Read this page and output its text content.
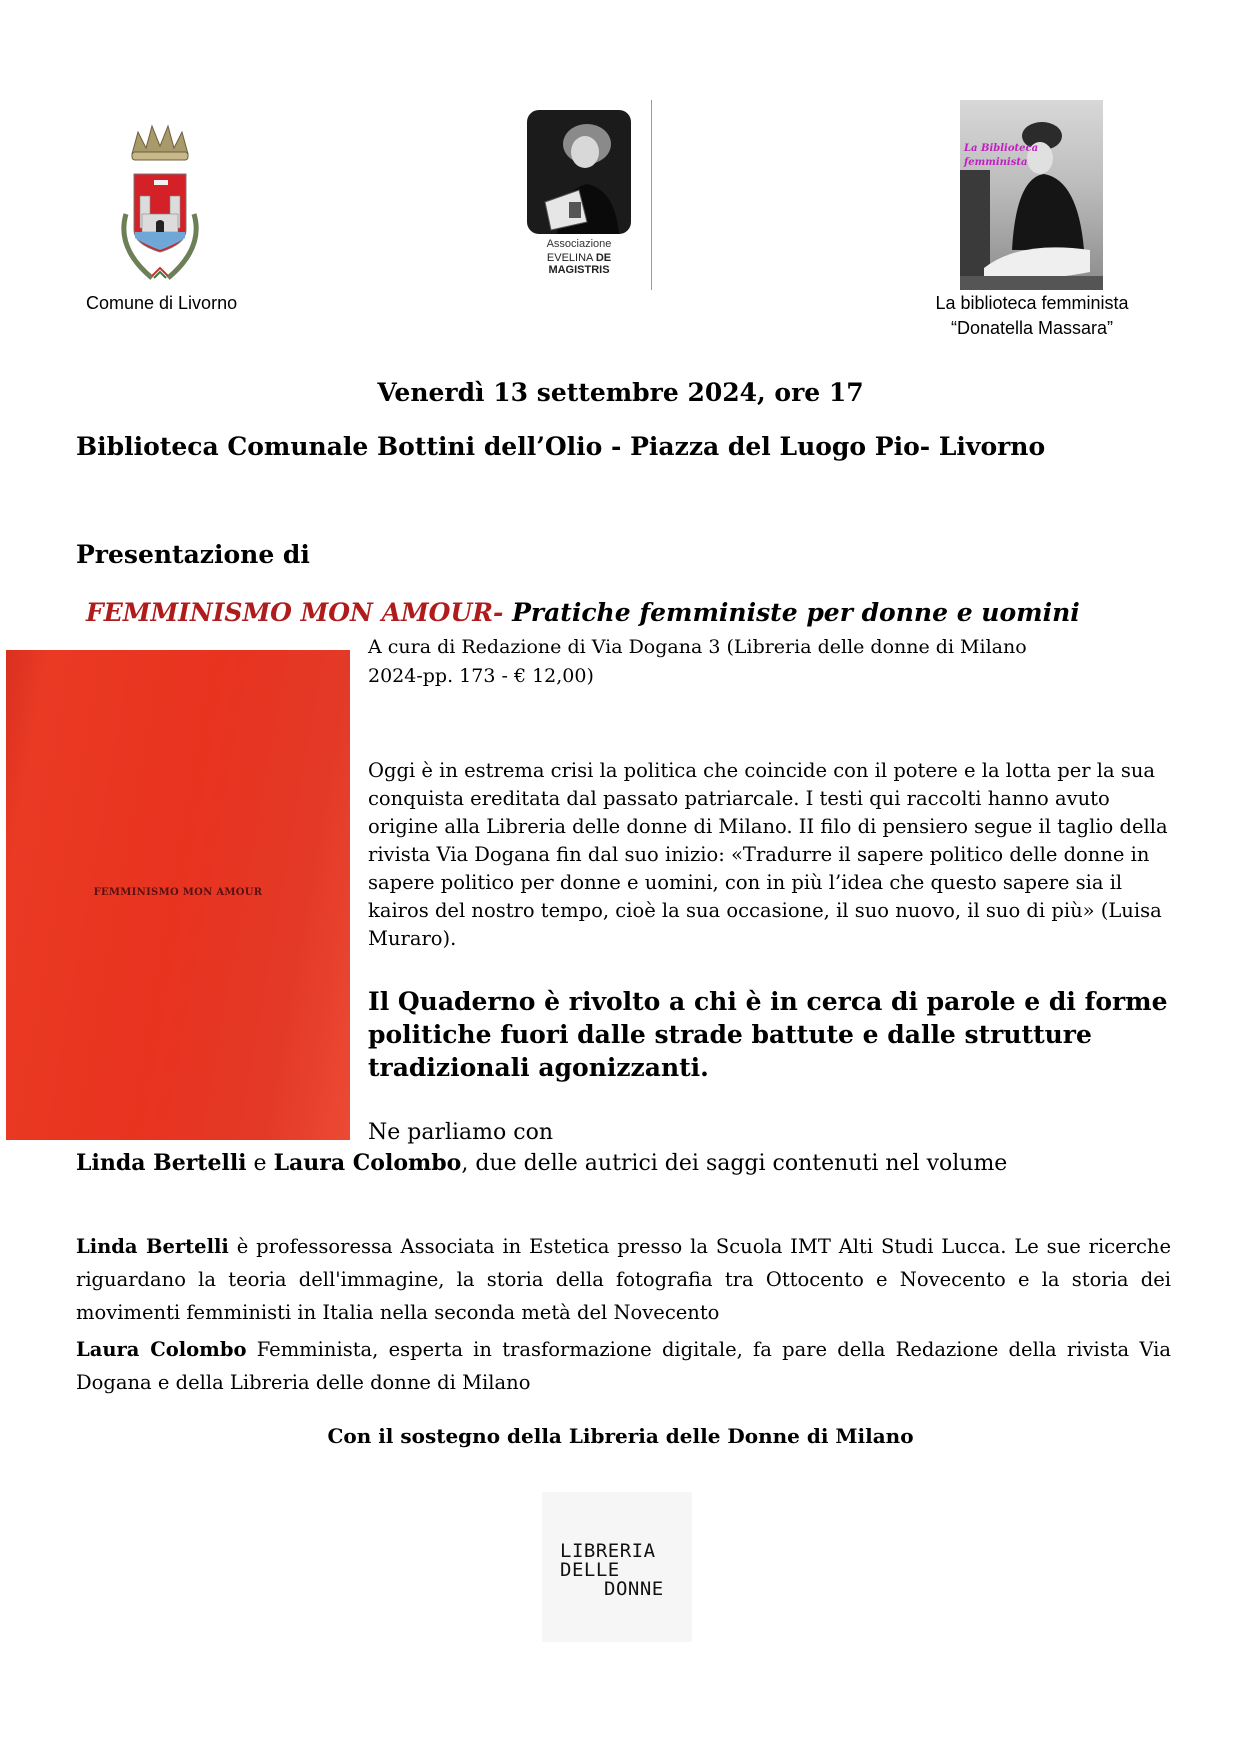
Comune di Livorno
Associazione
EVELINA DE MAGISTRIS
La Biblioteca
femminista
La biblioteca femminista
“Donatella Massara”
Venerdì 13 settembre 2024, ore 17
Biblioteca Comunale Bottini dell’Olio - Piazza del Luogo Pio- Livorno
Presentazione di
FEMMINISMO MON AMOUR- Pratiche femministe per donne e uomini
A cura di Redazione di Via Dogana 3 (Libreria delle donne di Milano
2024-pp. 173 - € 12,00)
FEMMINISMO MON AMOUR
Oggi è in estrema crisi la politica che coincide con il potere e la lotta per la sua conquista ereditata dal passato patriarcale. I testi qui raccolti hanno avuto origine alla Libreria delle donne di Milano. II filo di pensiero segue il taglio della rivista Via Dogana fin dal suo inizio: «Tradurre il sapere politico delle donne in sapere politico per donne e uomini, con in più l’idea che questo sapere sia il kairos del nostro tempo, cioè la sua occasione, il suo nuovo, il suo di più» (Luisa Muraro).
Il Quaderno è rivolto a chi è in cerca di parole e di forme politiche fuori dalle strade battute e dalle strutture tradizionali agonizzanti.
Ne parliamo con
Linda Bertelli e Laura Colombo, due delle autrici dei saggi contenuti nel volume
Linda Bertelli è professoressa Associata in Estetica presso la Scuola IMT Alti Studi Lucca. Le sue ricerche riguardano la teoria dell'immagine, la storia della fotografia tra Ottocento e Novecento e la storia dei movimenti femministi in Italia nella seconda metà del Novecento
Laura Colombo Femminista, esperta in trasformazione digitale, fa pare della Redazione della rivista Via Dogana e della Libreria delle donne di Milano
Con il sostegno della Libreria delle Donne di Milano
LIBRERIA
DELLE
DONNE
